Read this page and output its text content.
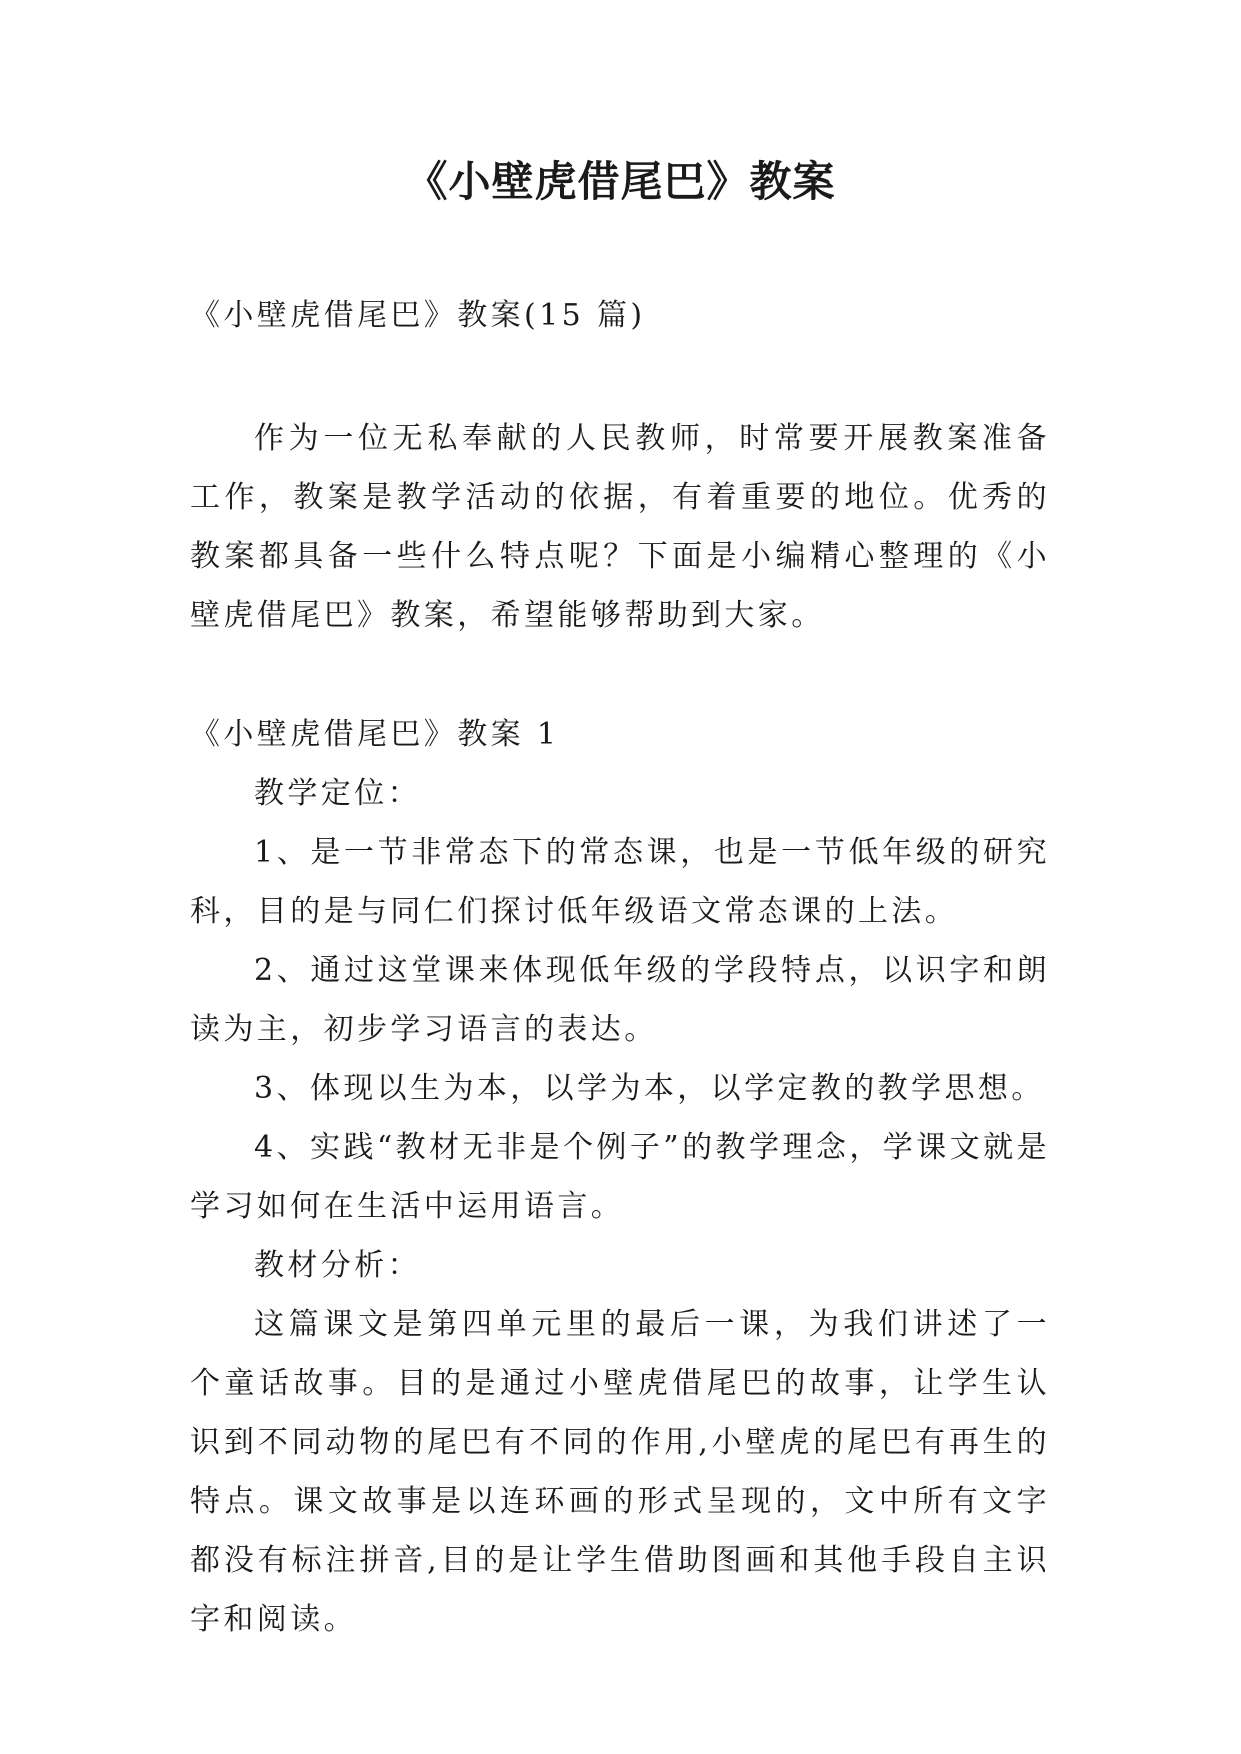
《小壁虎借尾巴》教案

《小壁虎借尾巴》教案(15 篇)

作为一位无私奉献的人民教师，时常要开展教案准备工作，教案是教学活动的依据，有着重要的地位。优秀的教案都具备一些什么特点呢？下面是小编精心整理的《小壁虎借尾巴》教案，希望能够帮助到大家。

《小壁虎借尾巴》教案 1

教学定位：

1、是一节非常态下的常态课，也是一节低年级的研究科，目的是与同仁们探讨低年级语文常态课的上法。

2、通过这堂课来体现低年级的学段特点，以识字和朗读为主，初步学习语言的表达。

3、体现以生为本，以学为本，以学定教的教学思想。

4、实践“教材无非是个例子”的教学理念，学课文就是学习如何在生活中运用语言。

教材分析：

这篇课文是第四单元里的最后一课，为我们讲述了一个童话故事。目的是通过小壁虎借尾巴的故事，让学生认识到不同动物的尾巴有不同的作用,小壁虎的尾巴有再生的特点。课文故事是以连环画的形式呈现的，文中所有文字都没有标注拼音,目的是让学生借助图画和其他手段自主识字和阅读。
